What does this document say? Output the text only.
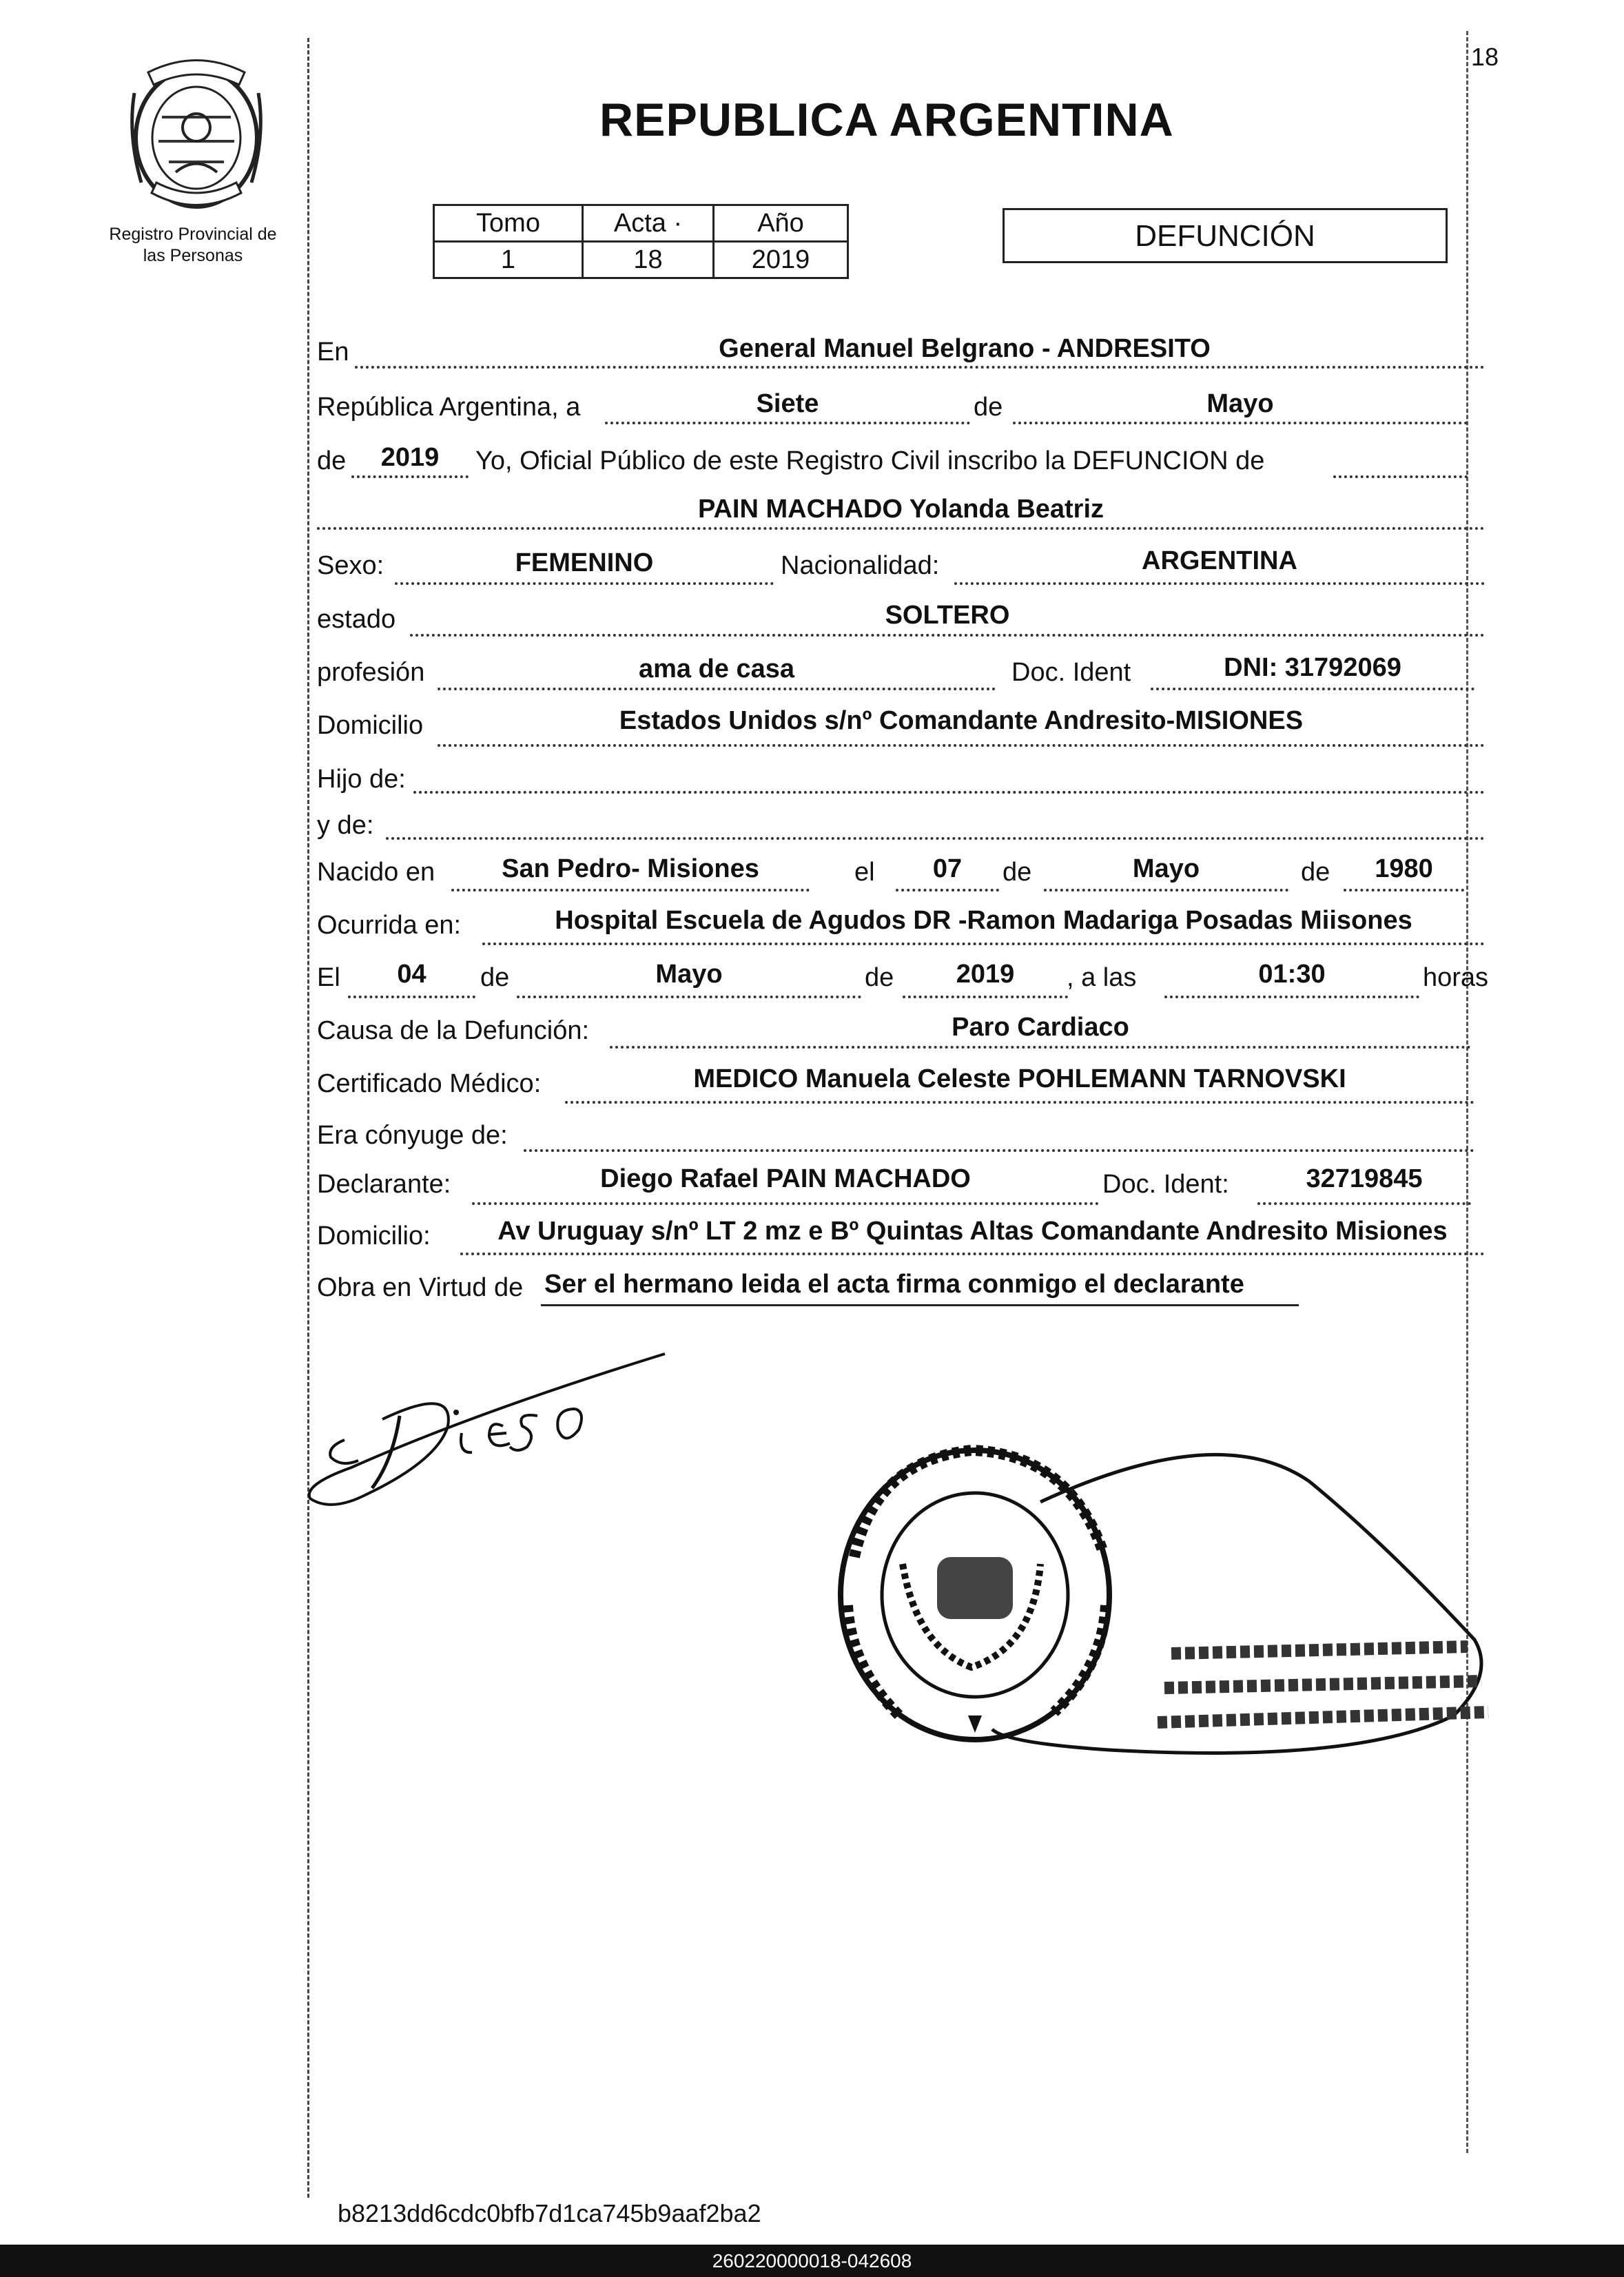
Registro Provincial de
las Personas
18
REPUBLICA ARGENTINA
Tomo	Acta ·	Año
1	18	2019
DEFUNCIÓN
En	General Manuel Belgrano - ANDRESITO
República Argentina, a	Siete	de	Mayo
de	2019	Yo, Oficial Público de este Registro Civil inscribo la DEFUNCION de
PAIN MACHADO Yolanda Beatriz
Sexo:	FEMENINO	Nacionalidad:	ARGENTINA
estado	SOLTERO
profesión	ama de casa	Doc. Ident	DNI: 31792069
Domicilio	Estados Unidos s/nº Comandante Andresito-MISIONES
Hijo de:
y de:
Nacido en	San Pedro- Misiones	el	07	de	Mayo	de	1980
Ocurrida en:	Hospital Escuela de Agudos DR -Ramon Madariga Posadas Miisones
El	04	de	Mayo	de	2019	, a las	01:30	horas
Causa de la Defunción:	Paro Cardiaco
Certificado Médico:	MEDICO Manuela Celeste POHLEMANN TARNOVSKI
Era cónyuge de:
Declarante:	Diego Rafael PAIN MACHADO	Doc. Ident:	32719845
Domicilio:	Av Uruguay s/nº LT 2 mz e Bº Quintas Altas Comandante Andresito Misiones
Obra en Virtud de Ser el hermano leida el acta firma conmigo el declarante
b8213dd6cdc0bfb7d1ca745b9aaf2ba2
260220000018-042608
